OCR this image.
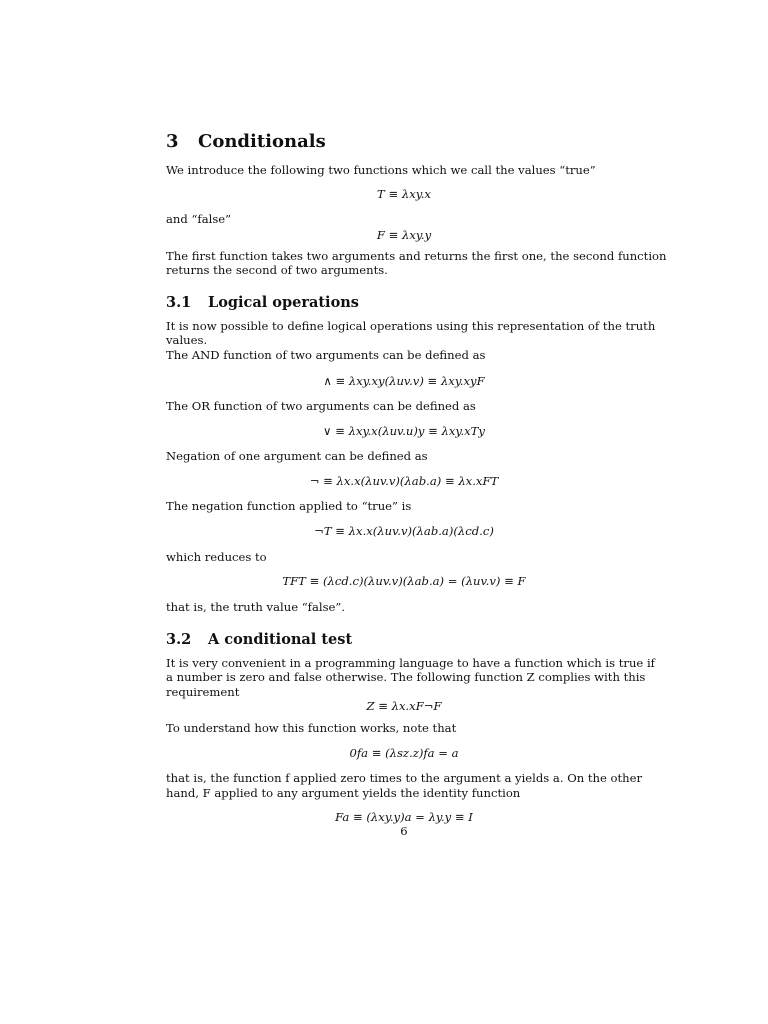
3 Conditionals
We introduce the following two functions which we call the values “true”
T ≡ λxy.x
and “false”
F ≡ λxy.y
The first function takes two arguments and returns the first one, the second function
returns the second of two arguments.
3.1 Logical operations
It is now possible to define logical operations using this representation of the truth
values.
The AND function of two arguments can be defined as
∧ ≡ λxy.xy(λuv.v) ≡ λxy.xyF
The OR function of two arguments can be defined as
∨ ≡ λxy.x(λuv.u)y ≡ λxy.xTy
Negation of one argument can be defined as
¬ ≡ λx.x(λuv.v)(λab.a) ≡ λx.xFT
The negation function applied to “true” is
¬T ≡ λx.x(λuv.v)(λab.a)(λcd.c)
which reduces to
TFT ≡ (λcd.c)(λuv.v)(λab.a) = (λuv.v) ≡ F
that is, the truth value “false”.
3.2 A conditional test
It is very convenient in a programming language to have a function which is true if
a number is zero and false otherwise. The following function Z complies with this
requirement
Z ≡ λx.xF¬F
To understand how this function works, note that
0fa ≡ (λsz.z)fa = a
that is, the function f applied zero times to the argument a yields a. On the other
hand, F applied to any argument yields the identity function
Fa ≡ (λxy.y)a = λy.y ≡ I
6
